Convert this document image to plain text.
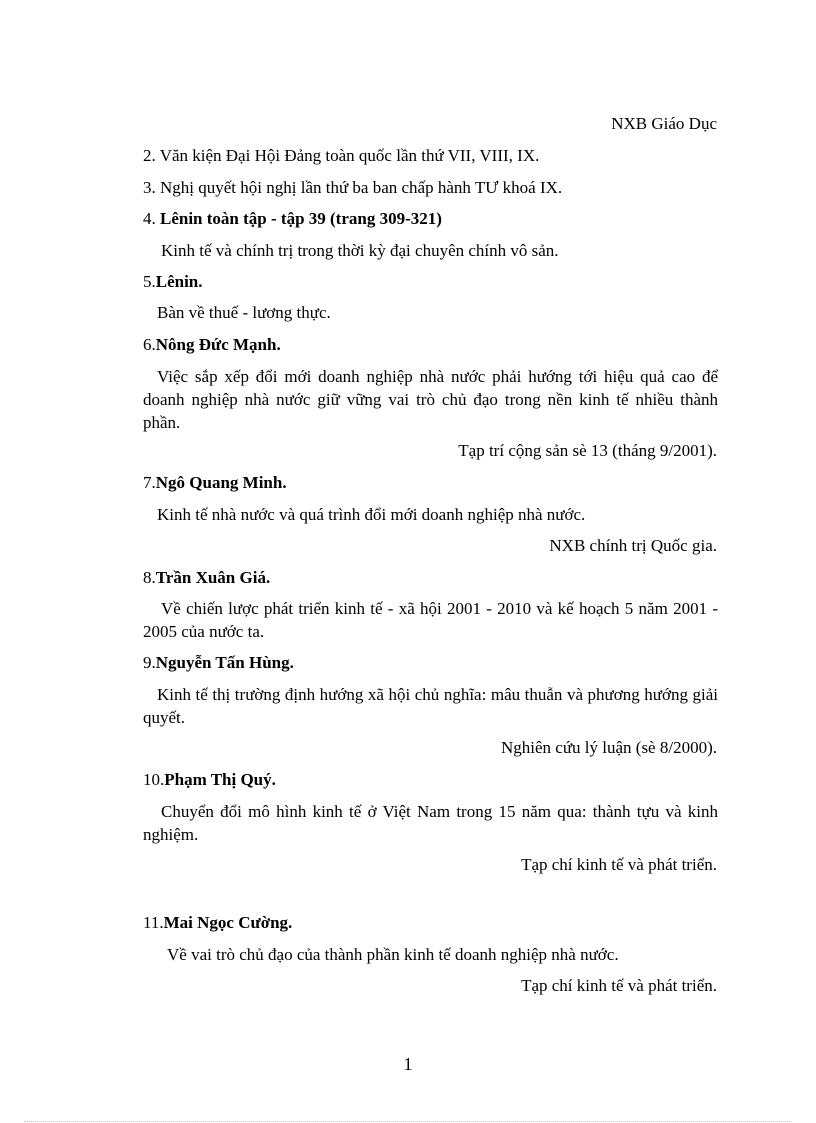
NXB Giáo Dục
2. Văn kiện Đại Hội Đảng toàn quốc lần thứ VII, VIII, IX.
3. Nghị quyết hội nghị lần thứ ba ban chấp hành TƯ khoá IX.
4. Lênin toàn tập - tập 39 (trang 309-321)
Kinh tế và chính trị trong thời kỳ đại chuyên chính vô sản.
5.Lênin.
Bàn về thuế - lương thực.
6.Nông Đức Mạnh.
Việc sắp xếp đổi mới doanh nghiệp nhà nước phải hướng tới hiệu quả cao để doanh nghiệp nhà nước giữ vững vai trò chủ đạo trong nền kinh tế nhiều thành phần.
Tạp trí cộng sản sè 13 (tháng 9/2001).
7.Ngô Quang Minh.
Kinh tế nhà nước và quá trình đổi mới doanh nghiệp nhà nước.
NXB chính trị Quốc gia.
8.Trần Xuân Giá.
Về chiến lược phát triển kinh tế - xã hội 2001 - 2010 và kế hoạch 5 năm 2001 - 2005 của nước ta.
9.Nguyễn Tấn Hùng.
Kinh tế thị trường định hướng xã hội chủ nghĩa: mâu thuẫn và phương hướng giải quyết.
Nghiên cứu lý luận (sè 8/2000).
10.Phạm Thị Quý.
Chuyển đổi mô hình kinh tế ở Việt Nam trong 15 năm qua: thành tựu và kinh nghiệm.
Tạp chí kinh tế và phát triển.
11.Mai Ngọc Cường.
Về vai trò chủ đạo của thành phần kinh tế doanh nghiệp nhà nước.
Tạp chí kinh tế và phát triển.
1
